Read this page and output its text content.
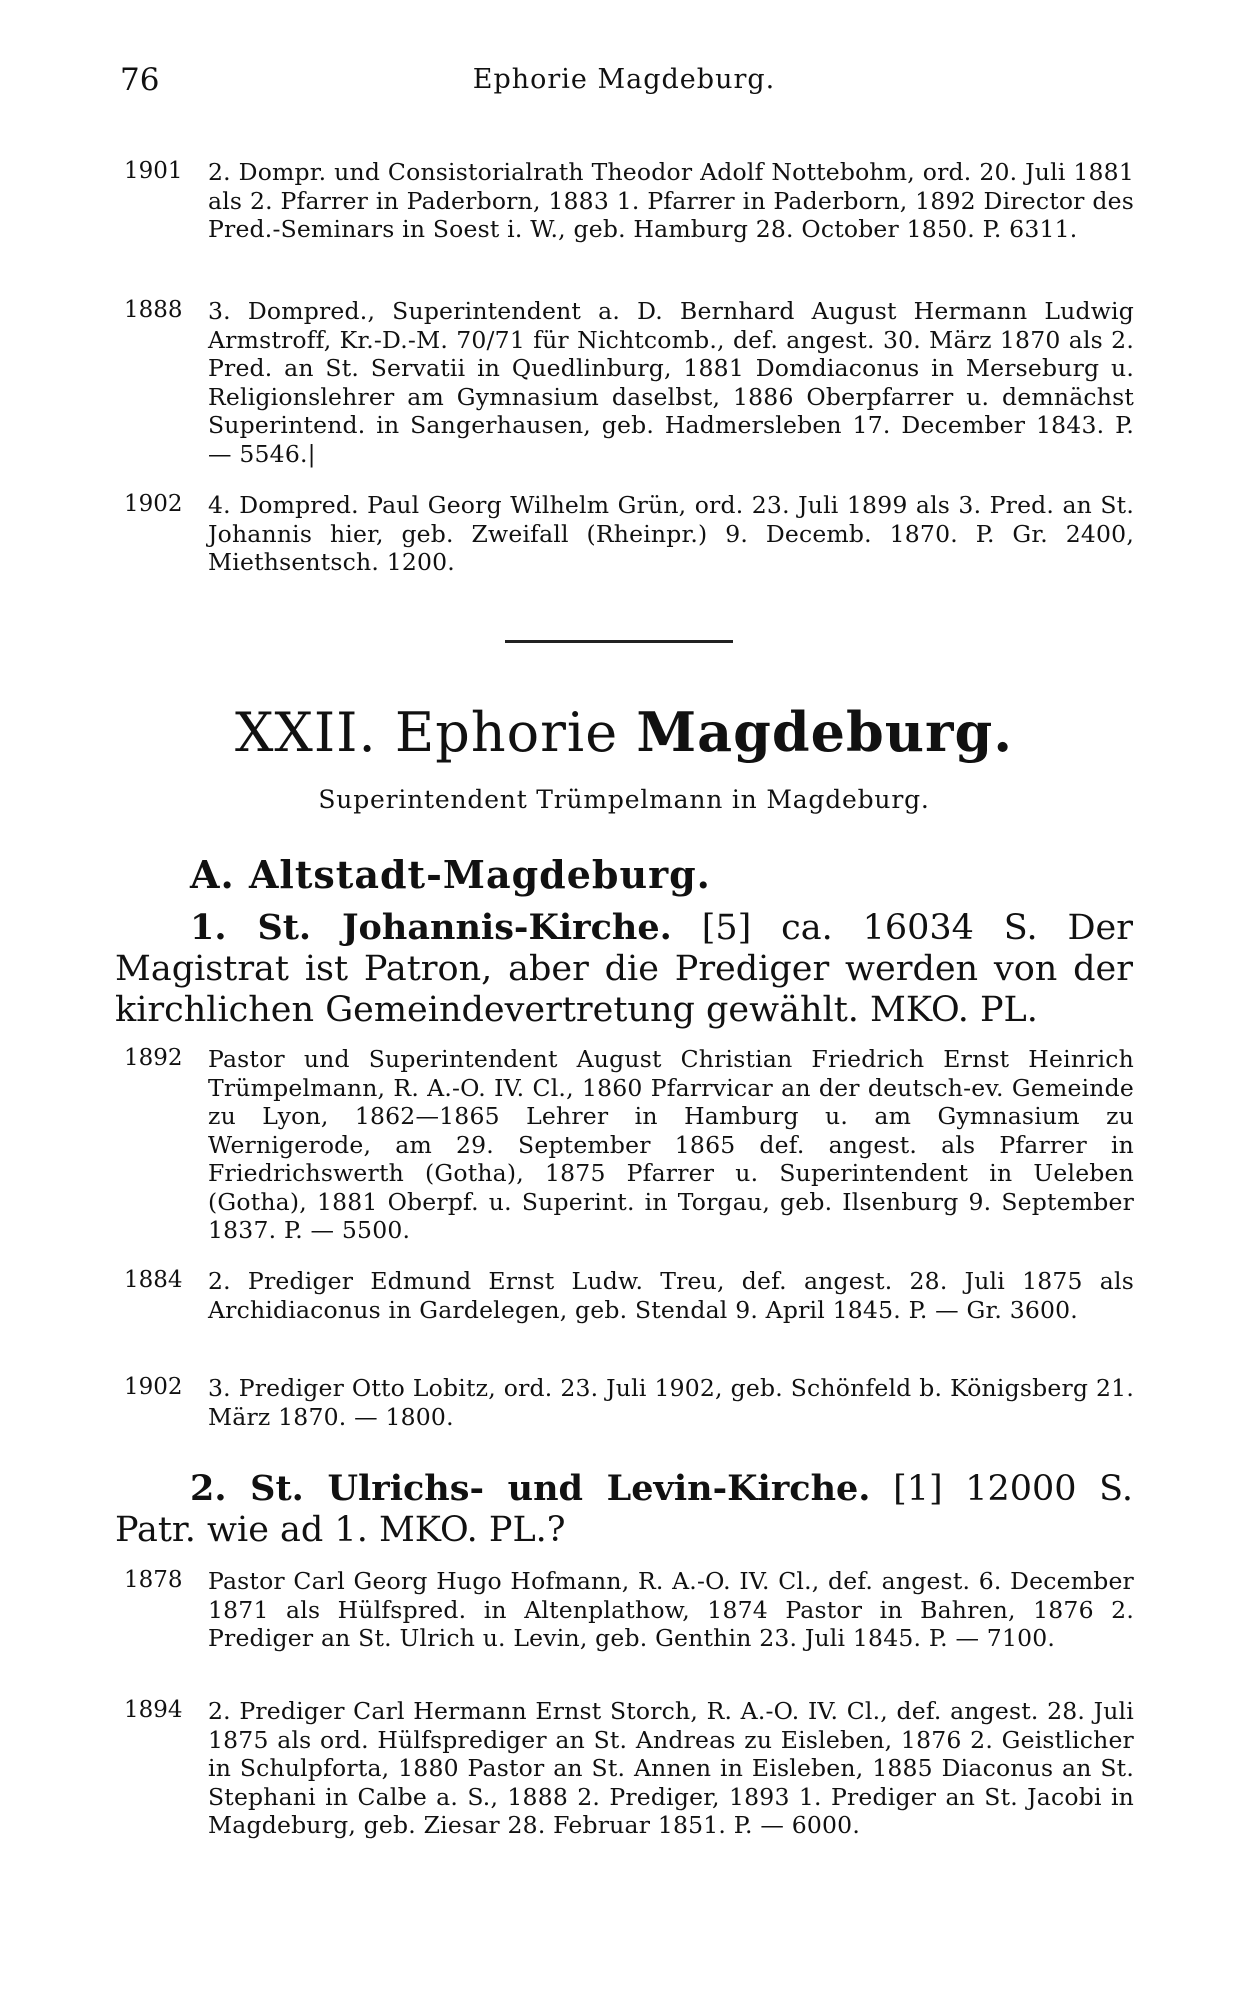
76	Ephorie Magdeburg.
1901	2. Dompr. und Consistorialrath Theodor Adolf Nottebohm, ord. 20. Juli 1881 als 2. Pfarrer in Paderborn, 1883 1. Pfarrer in Paderborn, 1892 Director des Pred.-Seminars in Soest i. W., geb. Hamburg 28. October 1850. P. 6311.
1888	3. Dompred., Superintendent a. D. Bernhard August Hermann Ludwig Armstroff, Kr.-D.-M. 70/71 für Nichtcomb., def. angest. 30. März 1870 als 2. Pred. an St. Servatii in Quedlinburg, 1881 Domdiaconus in Merseburg u. Religionslehrer am Gymnasium daselbst, 1886 Oberpfarrer u. demnächst Superintend. in Sangerhausen, geb. Hadmersleben 17. December 1843. P. — 5546.|
1902	4. Dompred. Paul Georg Wilhelm Grün, ord. 23. Juli 1899 als 3. Pred. an St. Johannis hier, geb. Zweifall (Rheinpr.) 9. Decemb. 1870. P. Gr. 2400, Miethsentsch. 1200.
XXII. Ephorie Magdeburg.
Superintendent Trümpelmann in Magdeburg.
A. Altstadt-Magdeburg.
1. St. Johannis-Kirche. [5] ca. 16034 S. Der Magistrat ist Patron, aber die Prediger werden von der kirchlichen Gemeindevertretung gewählt. MKO. PL.
1892	Pastor und Superintendent August Christian Friedrich Ernst Heinrich Trümpelmann, R. A.-O. IV. Cl., 1860 Pfarrvicar an der deutsch-ev. Gemeinde zu Lyon, 1862—1865 Lehrer in Hamburg u. am Gymnasium zu Wernigerode, am 29. September 1865 def. angest. als Pfarrer in Friedrichswerth (Gotha), 1875 Pfarrer u. Superintendent in Ueleben (Gotha), 1881 Oberpf. u. Superint. in Torgau, geb. Ilsenburg 9. September 1837. P. — 5500.
1884	2. Prediger Edmund Ernst Ludw. Treu, def. angest. 28. Juli 1875 als Archidiaconus in Gardelegen, geb. Stendal 9. April 1845. P. — Gr. 3600.
1902	3. Prediger Otto Lobitz, ord. 23. Juli 1902, geb. Schönfeld b. Königsberg 21. März 1870. — 1800.
2. St. Ulrichs- und Levin-Kirche. [1] 12000 S. Patr. wie ad 1. MKO. PL.?
1878	Pastor Carl Georg Hugo Hofmann, R. A.-O. IV. Cl., def. angest. 6. December 1871 als Hülfspred. in Altenplathow, 1874 Pastor in Bahren, 1876 2. Prediger an St. Ulrich u. Levin, geb. Genthin 23. Juli 1845. P. — 7100.
1894	2. Prediger Carl Hermann Ernst Storch, R. A.-O. IV. Cl., def. angest. 28. Juli 1875 als ord. Hülfsprediger an St. Andreas zu Eisleben, 1876 2. Geistlicher in Schulpforta, 1880 Pastor an St. Annen in Eisleben, 1885 Diaconus an St. Stephani in Calbe a. S., 1888 2. Prediger, 1893 1. Prediger an St. Jacobi in Magdeburg, geb. Ziesar 28. Februar 1851. P. — 6000.
